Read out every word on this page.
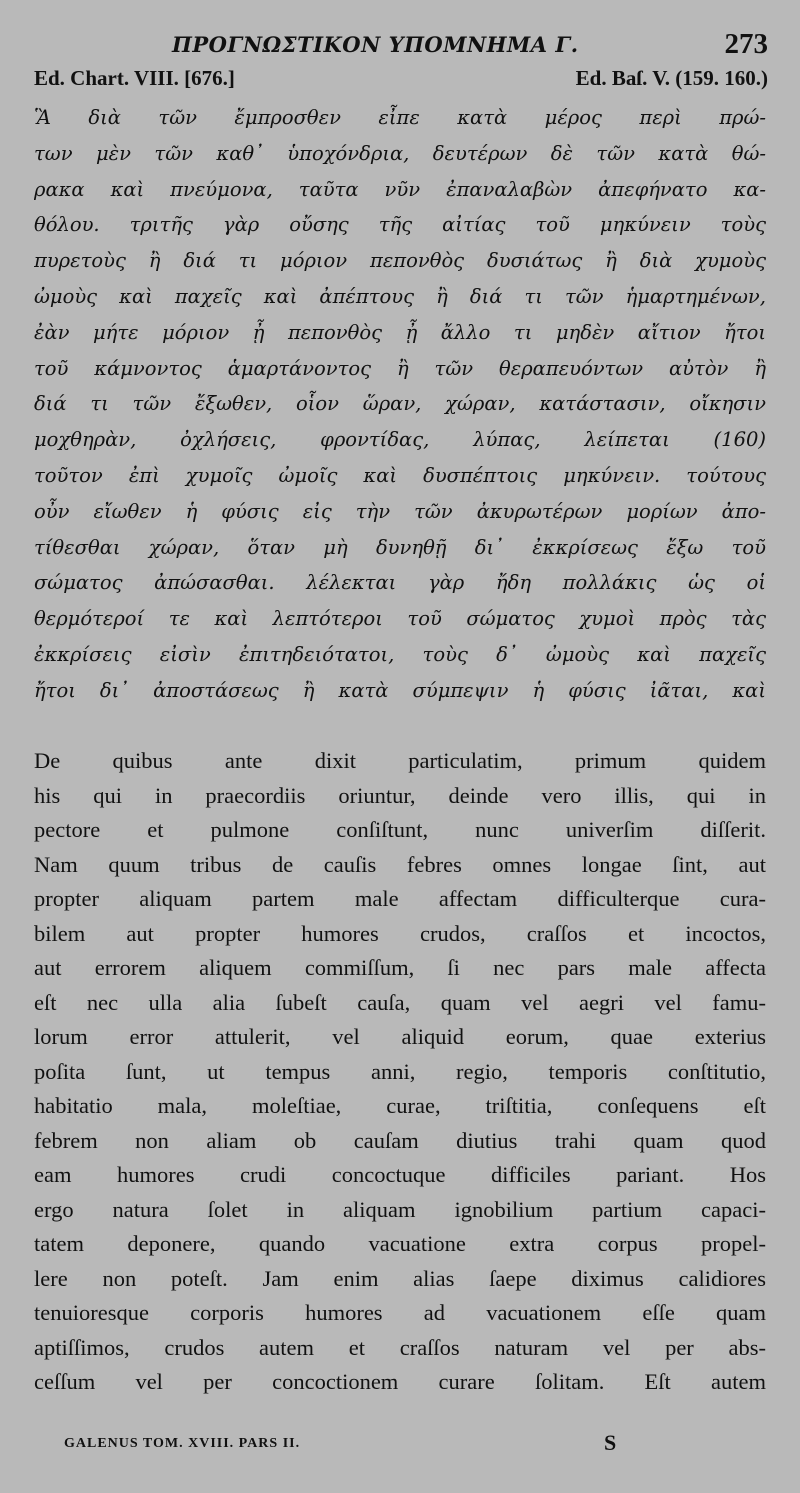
ΠΡΟΓΝΩΣΤΙΚΟΝ ΥΠΟΜΝΗΜΑ Γ.	273
Ed. Chart. VIII. [676.]	Ed. Baſ. V. (159. 160.)
Ἃ διὰ τῶν ἔμπροσθεν εἶπε κατὰ μέρος περὶ πρώ-
των μὲν τῶν καθ᾽ ὑποχόνδρια, δευτέρων δὲ τῶν κατὰ θώ-
ρακα καὶ πνεύμονα, ταῦτα νῦν ἐπαναλαβὼν ἀπεφήνατο κα-
θόλου. τριτῆς γὰρ οὔσης τῆς αἰτίας τοῦ μηκύνειν τοὺς
πυρετοὺς ἢ διά τι μόριον πεπονθὸς δυσιάτως ἢ διὰ χυμοὺς
ὠμοὺς καὶ παχεῖς καὶ ἀπέπτους ἢ διά τι τῶν ἡμαρτημένων,
ἐὰν μήτε μόριον ᾖ πεπονθὸς ᾖ ἄλλο τι μηδὲν αἴτιον ἤτοι
τοῦ κάμνοντος ἁμαρτάνοντος ἢ τῶν θεραπευόντων αὐτὸν ἢ
διά τι τῶν ἔξωθεν, οἷον ὥραν, χώραν, κατάστασιν, οἴκησιν
μοχθηρὰν, ὀχλήσεις, φροντίδας, λύπας, λείπεται (160)
τοῦτον ἐπὶ χυμοῖς ὠμοῖς καὶ δυσπέπτοις μηκύνειν. τούτους
οὖν εἴωθεν ἡ φύσις εἰς τὴν τῶν ἀκυρωτέρων μορίων ἀπο-
τίθεσθαι χώραν, ὅταν μὴ δυνηθῇ δι᾽ ἐκκρίσεως ἔξω τοῦ
σώματος ἀπώσασθαι. λέλεκται γὰρ ἤδη πολλάκις ὡς οἱ
θερμότεροί τε καὶ λεπτότεροι τοῦ σώματος χυμοὶ πρὸς τὰς
ἐκκρίσεις εἰσὶν ἐπιτηδειότατοι, τοὺς δ᾽ ὠμοὺς καὶ παχεῖς
ἤτοι δι᾽ ἀποστάσεως ἢ κατὰ σύμπεψιν ἡ φύσις ἰᾶται, καὶ
De quibus ante dixit particulatim, primum quidem
his qui in praecordiis oriuntur, deinde vero illis, qui in
pectore et pulmone conſiſtunt, nunc univerſim diſſerit.
Nam quum tribus de cauſis febres omnes longae ſint, aut
propter aliquam partem male affectam difficulterque cura-
bilem aut propter humores crudos, craſſos et incoctos,
aut errorem aliquem commiſſum, ſi nec pars male affecta
eſt nec ulla alia ſubeſt cauſa, quam vel aegri vel famu-
lorum error attulerit, vel aliquid eorum, quae exterius
poſita ſunt, ut tempus anni, regio, temporis conſtitutio,
habitatio mala, moleſtiae, curae, triſtitia, conſequens eſt
febrem non aliam ob cauſam diutius trahi quam quod
eam humores crudi concoctuque difficiles pariant. Hos
ergo natura ſolet in aliquam ignobilium partium capaci-
tatem deponere, quando vacuatione extra corpus propel-
lere non poteſt. Jam enim alias ſaepe diximus calidiores
tenuioresque corporis humores ad vacuationem eſſe quam
aptiſſimos, crudos autem et craſſos naturam vel per abs-
ceſſum vel per concoctionem curare ſolitam. Eſt autem
GALENUS TOM. XVIII. PARS II.	S
